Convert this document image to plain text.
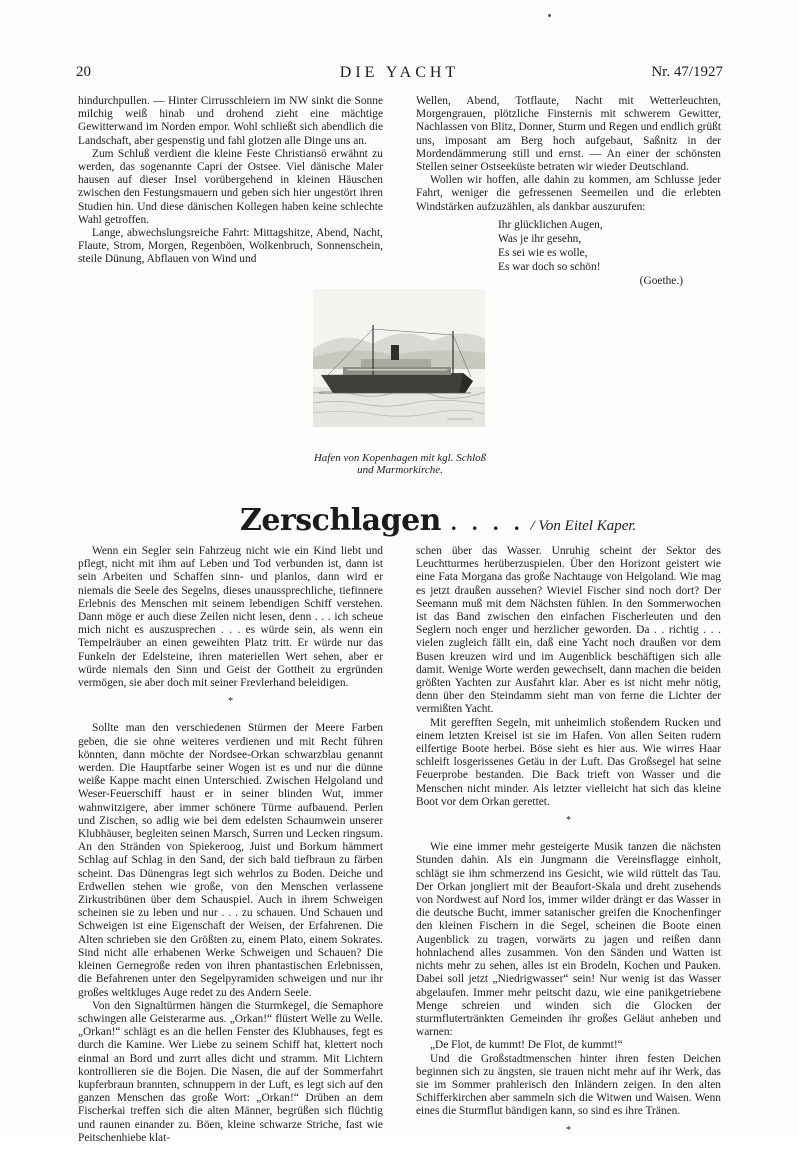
20	DIE YACHT	Nr. 47/1927

hindurchpullen. — Hinter Cirrusschleiern im NW sinkt die Sonne milchig weiß hinab und drohend zieht eine mächtige Gewitterwand im Norden empor. Wohl schließt sich abendlich die Landschaft, aber gespenstig und fahl glotzen alle Dinge uns an.

Zum Schluß verdient die kleine Feste Christiansö erwähnt zu werden, das sogenannte Capri der Ostsee. Viel dänische Maler hausen auf dieser Insel vorübergehend in kleinen Häuschen zwischen den Festungsmauern und geben sich hier ungestört ihren Studien hin. Und diese dänischen Kollegen haben keine schlechte Wahl getroffen.

Lange, abwechslungsreiche Fahrt: Mittagshitze, Abend, Nacht, Flaute, Strom, Morgen, Regenböen, Wolkenbruch, Sonnenschein, steile Dünung, Abflauen von Wind und

Wellen, Abend, Totflaute, Nacht mit Wetterleuchten, Morgengrauen, plötzliche Finsternis mit schwerem Gewitter, Nachlassen von Blitz, Donner, Sturm und Regen und endlich grüßt uns, imposant am Berg hoch aufgebaut, Saßnitz in der Mordendämmerung still und ernst. — An einer der schönsten Stellen seiner Ostseeküste betraten wir wieder Deutschland.

Wollen wir hoffen, alle dahin zu kommen, am Schlusse jeder Fahrt, weniger die gefressenen Seemeilen und die erlebten Windstärken aufzuzählen, als dankbar auszurufen:

Ihr glücklichen Augen,
Was je ihr gesehn,
Es sei wie es wolle,
Es war doch so schön!
(Goethe.)
Hafen von Kopenhagen mit kgl. Schloß
und Marmorkirche.
Zerschlagen . . . . / Von Eitel Kaper.

Wenn ein Segler sein Fahrzeug nicht wie ein Kind liebt und pflegt, nicht mit ihm auf Leben und Tod verbunden ist, dann ist sein Arbeiten und Schaffen sinn- und planlos, dann wird er niemals die Seele des Segelns, dieses unaussprechliche, tiefinnere Erlebnis des Menschen mit seinem lebendigen Schiff verstehen. Dann möge er auch diese Zeilen nicht lesen, denn . . . ich scheue mich nicht es auszusprechen . . . es würde sein, als wenn ein Tempelräuber an einen geweihten Platz tritt. Er würde nur das Funkeln der Edelsteine, ihren materiellen Wert sehen, aber er würde niemals den Sinn und Geist der Gottheit zu ergründen vermögen, sie aber doch mit seiner Frevlerhand beleidigen.

*

Sollte man den verschiedenen Stürmen der Meere Farben geben, die sie ohne weiteres verdienen und mit Recht führen könnten, dann möchte der Nordsee-Orkan schwarzblau genannt werden. Die Hauptfarbe seiner Wogen ist es und nur die dünne weiße Kappe macht einen Unterschied. Zwischen Helgoland und Weser-Feuerschiff haust er in seiner blinden Wut, immer wahnwitzigere, aber immer schönere Türme aufbauend. Perlen und Zischen, so adlig wie bei dem edelsten Schaumwein unserer Klubhäuser, begleiten seinen Marsch, Surren und Lecken ringsum. An den Stränden von Spiekeroog, Juist und Borkum hämmert Schlag auf Schlag in den Sand, der sich bald tiefbraun zu färben scheint. Das Dünengras legt sich wehrlos zu Boden. Deiche und Erdwellen stehen wie große, von den Menschen verlassene Zirkustribünen über dem Schauspiel. Auch in ihrem Schweigen scheinen sie zu leben und nur . . . zu schauen. Und Schauen und Schweigen ist eine Eigenschaft der Weisen, der Erfahrenen. Die Alten schrieben sie den Größten zu, einem Plato, einem Sokrates. Sind nicht alle erhabenen Werke Schweigen und Schauen? Die kleinen Gernegroße reden von ihren phantastischen Erlebnissen, die Befahrenen unter den Segelpyramiden schweigen und nur ihr großes weltkluges Auge redet zu des Andern Seele.

Von den Signaltürmen hängen die Sturmkegel, die Semaphore schwingen alle Geisterarme aus. „Orkan!“ flüstert Welle zu Welle. „Orkan!“ schlägt es an die hellen Fenster des Klubhauses, fegt es durch die Kamine. Wer Liebe zu seinem Schiff hat, klettert noch einmal an Bord und zurrt alles dicht und stramm. Mit Lichtern kontrollieren sie die Bojen. Die Nasen, die auf der Sommerfahrt kupferbraun brannten, schnuppern in der Luft, es legt sich auf den ganzen Menschen das große Wort: „Orkan!“ Drüben an dem Fischerkai treffen sich die alten Männer, begrüßen sich flüchtig und raunen einander zu. Böen, kleine schwarze Striche, fast wie Peitschenhiebe klat-

schen über das Wasser. Unruhig scheint der Sektor des Leuchtturmes herüberzuspielen. Über den Horizont geistert wie eine Fata Morgana das große Nachtauge von Helgoland. Wie mag es jetzt draußen aussehen? Wieviel Fischer sind noch dort? Der Seemann muß mit dem Nächsten fühlen. In den Sommerwochen ist das Band zwischen den einfachen Fischerleuten und den Seglern noch enger und herzlicher geworden. Da . . richtig . . . vielen zugleich fällt ein, daß eine Yacht noch draußen vor dem Busen kreuzen wird und im Augenblick beschäftigen sich alle damit. Wenige Worte werden gewechselt, dann machen die beiden größten Yachten zur Ausfahrt klar. Aber es ist nicht mehr nötig, denn über den Steindamm sieht man von ferne die Lichter der vermißten Yacht.

Mit gerefften Segeln, mit unheimlich stoßendem Rucken und einem letzten Kreisel ist sie im Hafen. Von allen Seiten rudern eilfertige Boote herbei. Böse sieht es hier aus. Wie wirres Haar schleift losgerissenes Getäu in der Luft. Das Großsegel hat seine Feuerprobe bestanden. Die Back trieft von Wasser und die Menschen nicht minder. Als letzter vielleicht hat sich das kleine Boot vor dem Orkan gerettet.

*

Wie eine immer mehr gesteigerte Musik tanzen die nächsten Stunden dahin. Als ein Jungmann die Vereinsflagge einholt, schlägt sie ihm schmerzend ins Gesicht, wie wild rüttelt das Tau. Der Orkan jongliert mit der Beaufort-Skala und dreht zusehends von Nordwest auf Nord los, immer wilder drängt er das Wasser in die deutsche Bucht, immer satanischer greifen die Knochenfinger den kleinen Fischern in die Segel, scheinen die Boote einen Augenblick zu tragen, vorwärts zu jagen und reißen dann hohnlachend alles zusammen. Von den Sänden und Watten ist nichts mehr zu sehen, alles ist ein Brodeln, Kochen und Pauken. Dabei soll jetzt „Niedrigwasser“ sein! Nur wenig ist das Wasser abgelaufen. Immer mehr peitscht dazu, wie eine panikgetriebene Menge schreien und winden sich die Glocken der sturmflutertränkten Gemeinden ihr großes Geläut anheben und warnen:

„De Flot, de kummt! De Flot, de kummt!“

Und die Großstadtmenschen hinter ihren festen Deichen beginnen sich zu ängsten, sie trauen nicht mehr auf ihr Werk, das sie im Sommer prahlerisch den Inländern zeigen. In den alten Schifferkirchen aber sammeln sich die Witwen und Waisen. Wenn eines die Sturmflut bändigen kann, so sind es ihre Tränen.

*
